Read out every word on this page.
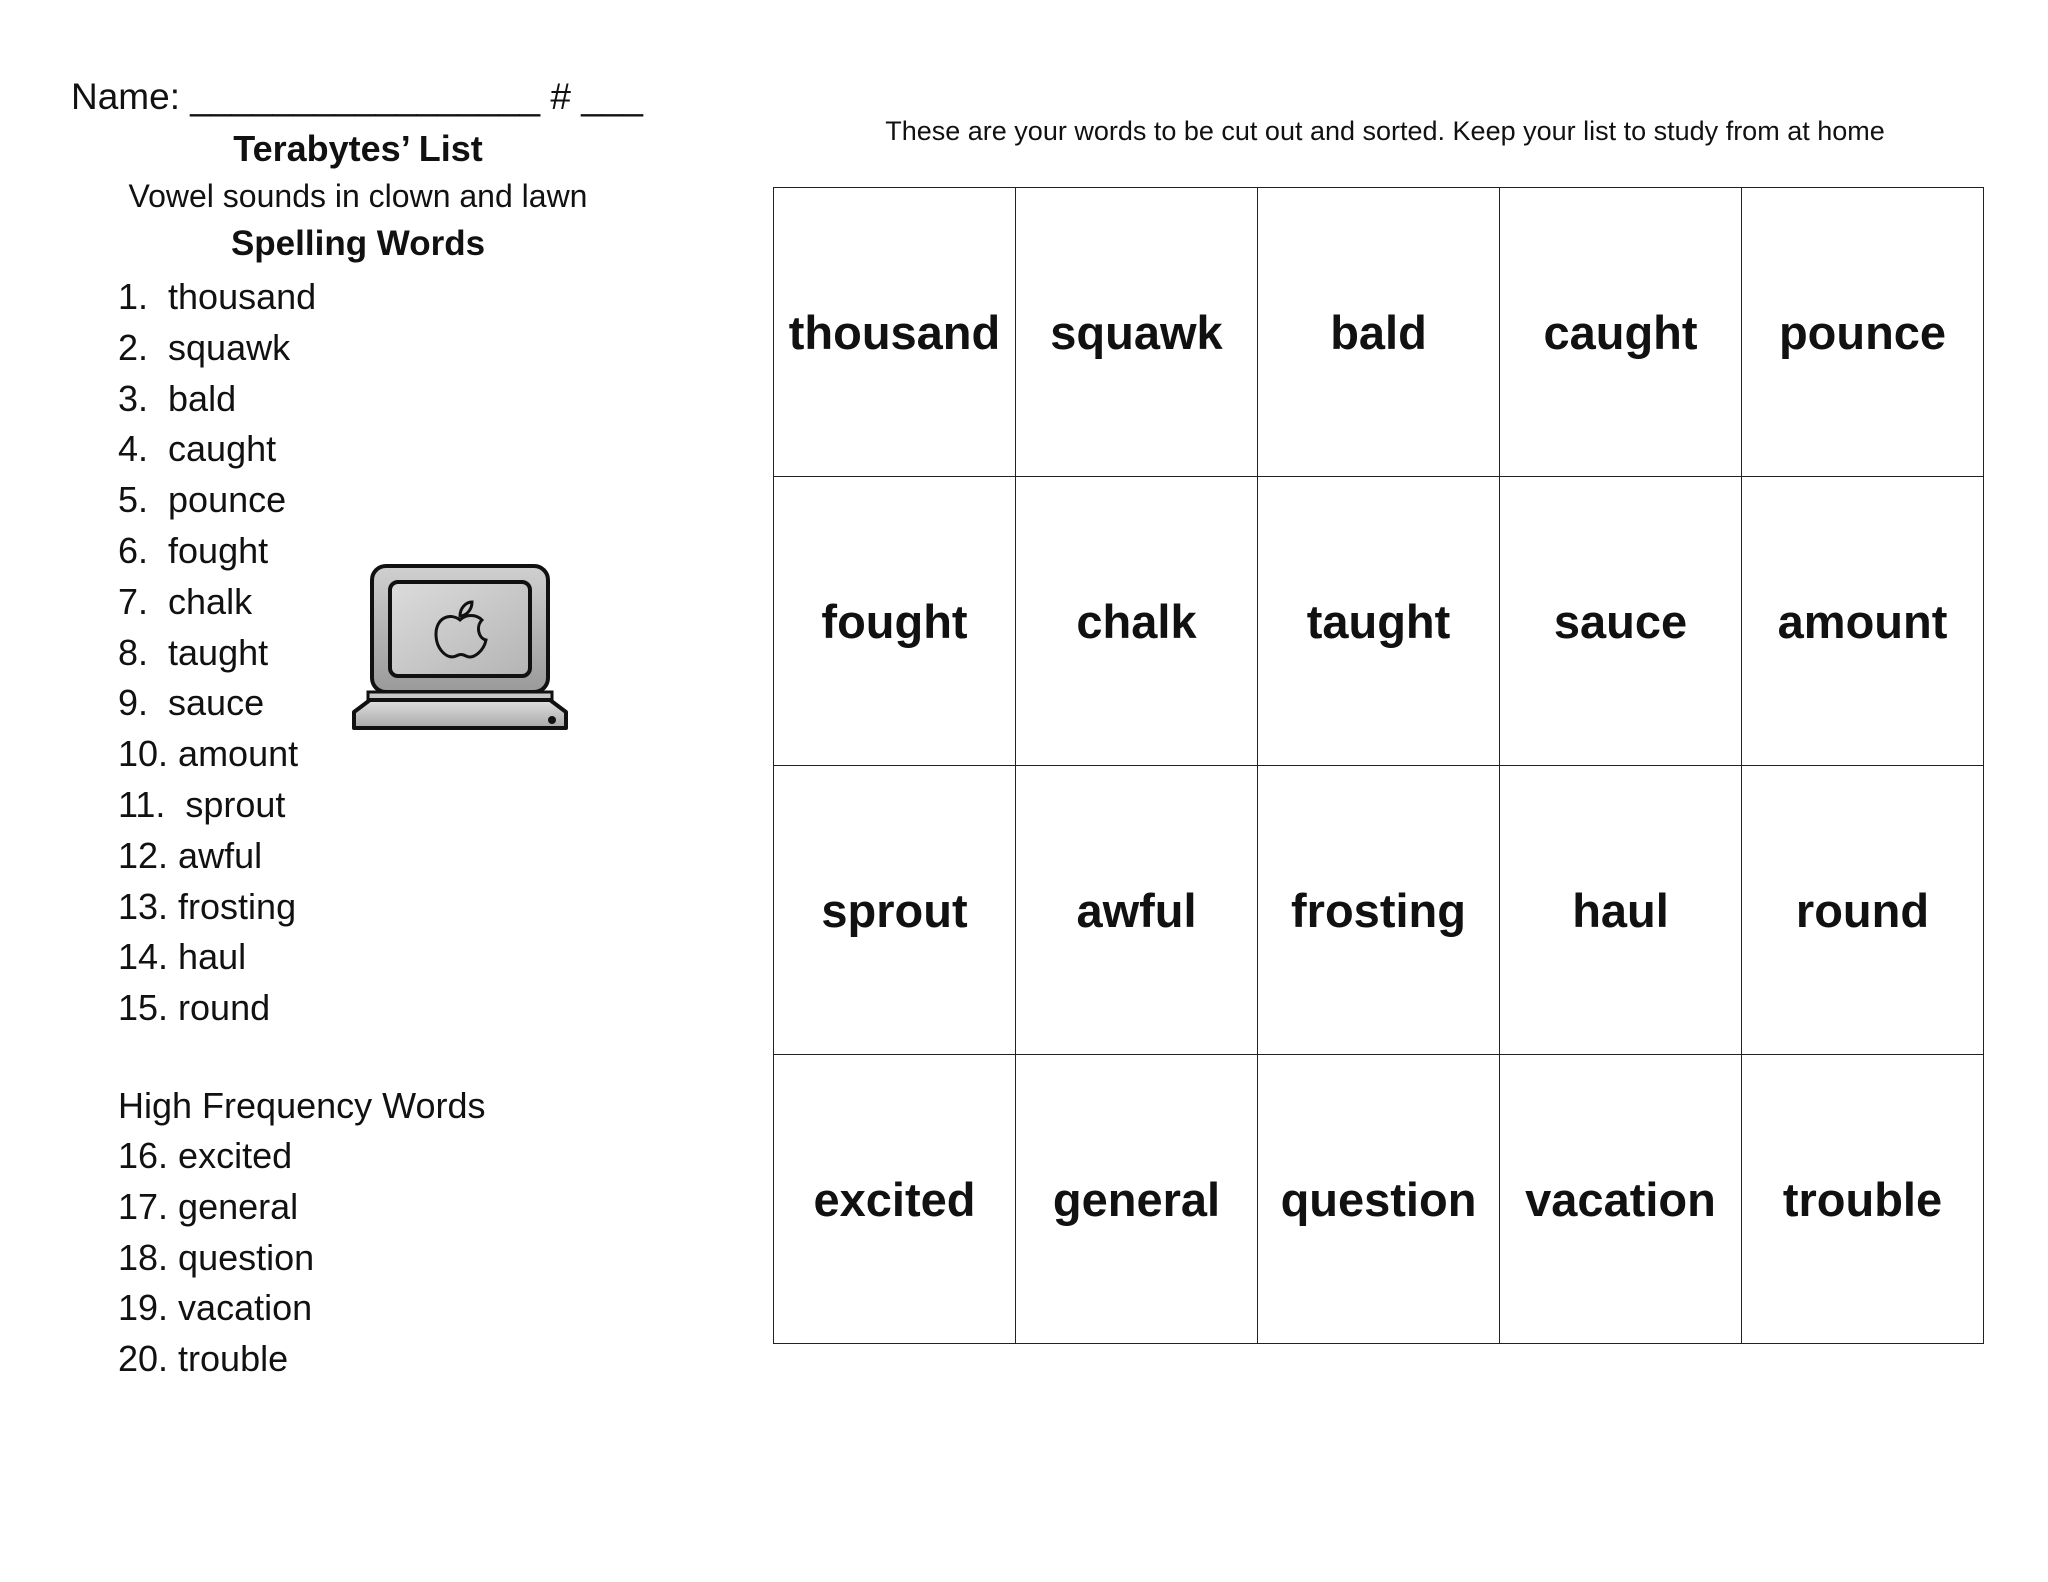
Name: _________________ # ___
Terabytes’ List
Vowel sounds in clown and lawn
Spelling Words
1.  thousand
2.  squawk
3.  bald
4.  caught
5.  pounce
6.  fought
7.  chalk
8.  taught
9.  sauce
10. amount
11.  sprout
12. awful
13. frosting
14. haul
15. round
High Frequency Words
16. excited
17. general
18. question
19. vacation
20. trouble
These are your words to be cut out and sorted. Keep your list to study from at home
thousand	squawk	bald	caught	pounce
fought	chalk	taught	sauce	amount
sprout	awful	frosting	haul	round
excited	general	question	vacation	trouble
